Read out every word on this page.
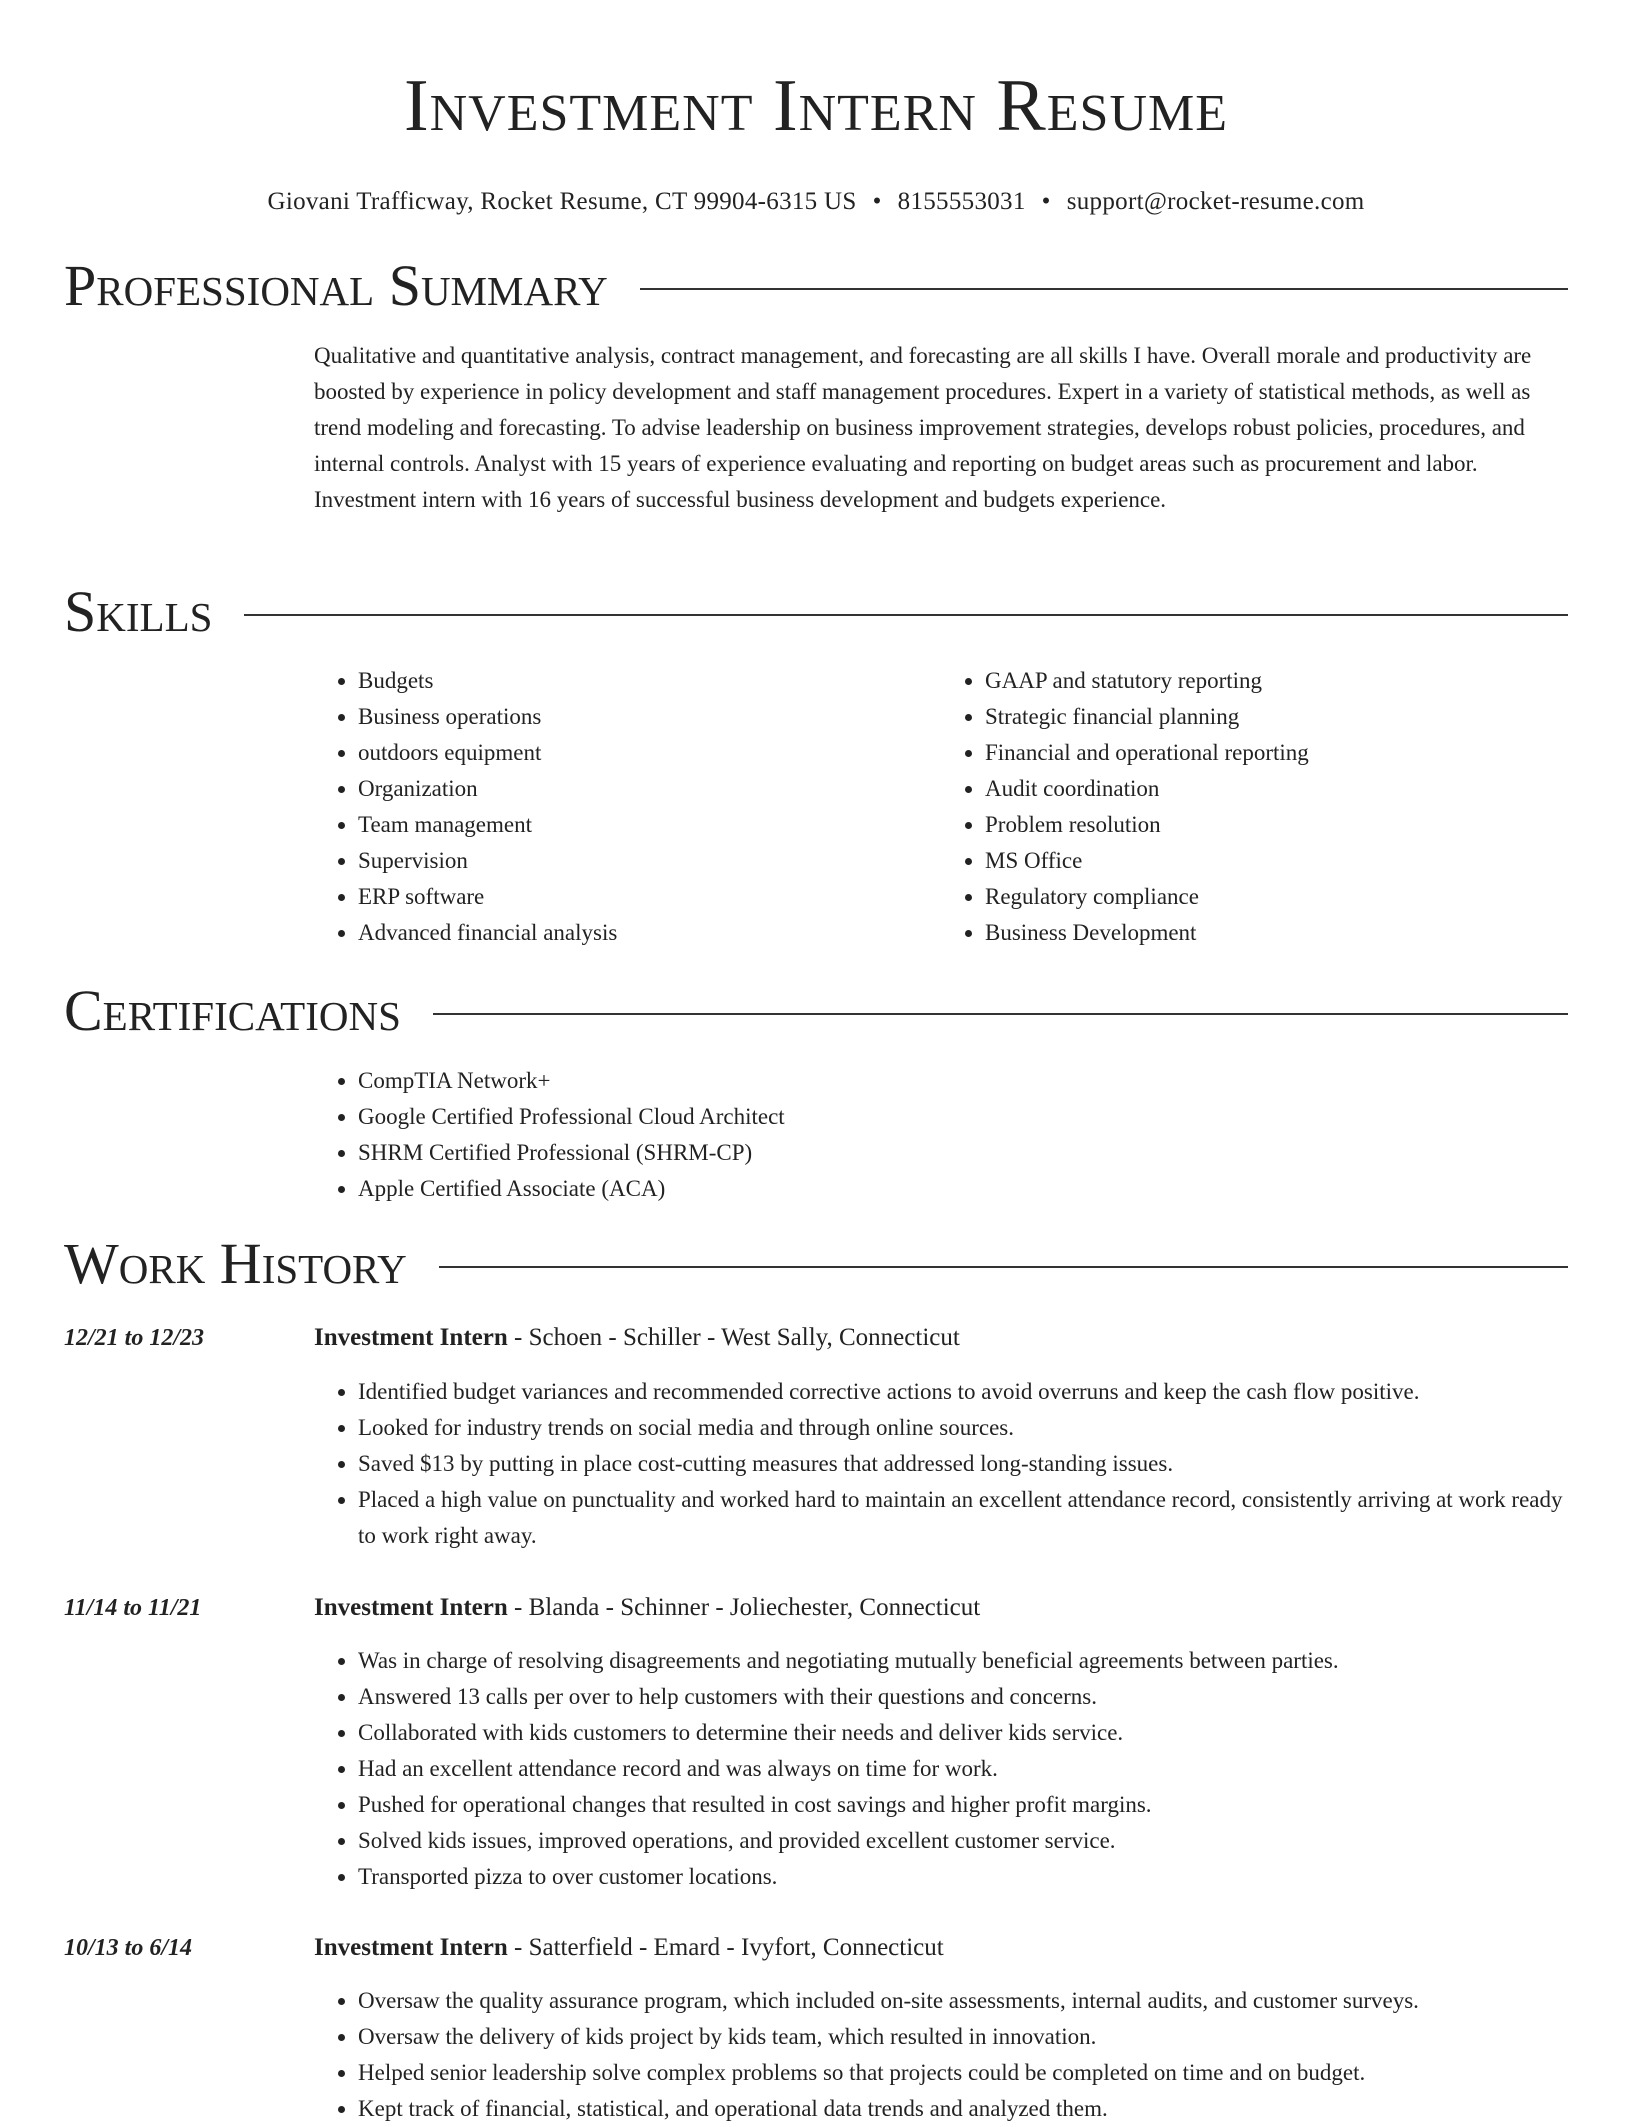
Investment Intern Resume
Giovani Trafficway, Rocket Resume, CT 99904-6315 US • 8155553031 • support@rocket-resume.com
Professional Summary

Qualitative and quantitative analysis, contract management, and forecasting are all skills I have. Overall morale and productivity are boosted by experience in policy development and staff management procedures. Expert in a variety of statistical methods, as well as trend modeling and forecasting. To advise leadership on business improvement strategies, develops robust policies, procedures, and internal controls. Analyst with 15 years of experience evaluating and reporting on budget areas such as procurement and labor. Investment intern with 16 years of successful business development and budgets experience.

Skills
• Budgets
• Business operations
• outdoors equipment
• Organization
• Team management
• Supervision
• ERP software
• Advanced financial analysis
• GAAP and statutory reporting
• Strategic financial planning
• Financial and operational reporting
• Audit coordination
• Problem resolution
• MS Office
• Regulatory compliance
• Business Development
Certifications
• CompTIA Network+
• Google Certified Professional Cloud Architect
• SHRM Certified Professional (SHRM-CP)
• Apple Certified Associate (ACA)
Work History
12/21 to 12/23	Investment Intern - Schoen - Schiller - West Sally, Connecticut
• Identified budget variances and recommended corrective actions to avoid overruns and keep the cash flow positive.
• Looked for industry trends on social media and through online sources.
• Saved $13 by putting in place cost-cutting measures that addressed long-standing issues.
• Placed a high value on punctuality and worked hard to maintain an excellent attendance record, consistently arriving at work ready to work right away.
11/14 to 11/21	Investment Intern - Blanda - Schinner - Joliechester, Connecticut
• Was in charge of resolving disagreements and negotiating mutually beneficial agreements between parties.
• Answered 13 calls per over to help customers with their questions and concerns.
• Collaborated with kids customers to determine their needs and deliver kids service.
• Had an excellent attendance record and was always on time for work.
• Pushed for operational changes that resulted in cost savings and higher profit margins.
• Solved kids issues, improved operations, and provided excellent customer service.
• Transported pizza to over customer locations.
10/13 to 6/14	Investment Intern - Satterfield - Emard - Ivyfort, Connecticut
• Oversaw the quality assurance program, which included on-site assessments, internal audits, and customer surveys.
• Oversaw the delivery of kids project by kids team, which resulted in innovation.
• Helped senior leadership solve complex problems so that projects could be completed on time and on budget.
• Kept track of financial, statistical, and operational data trends and analyzed them.
